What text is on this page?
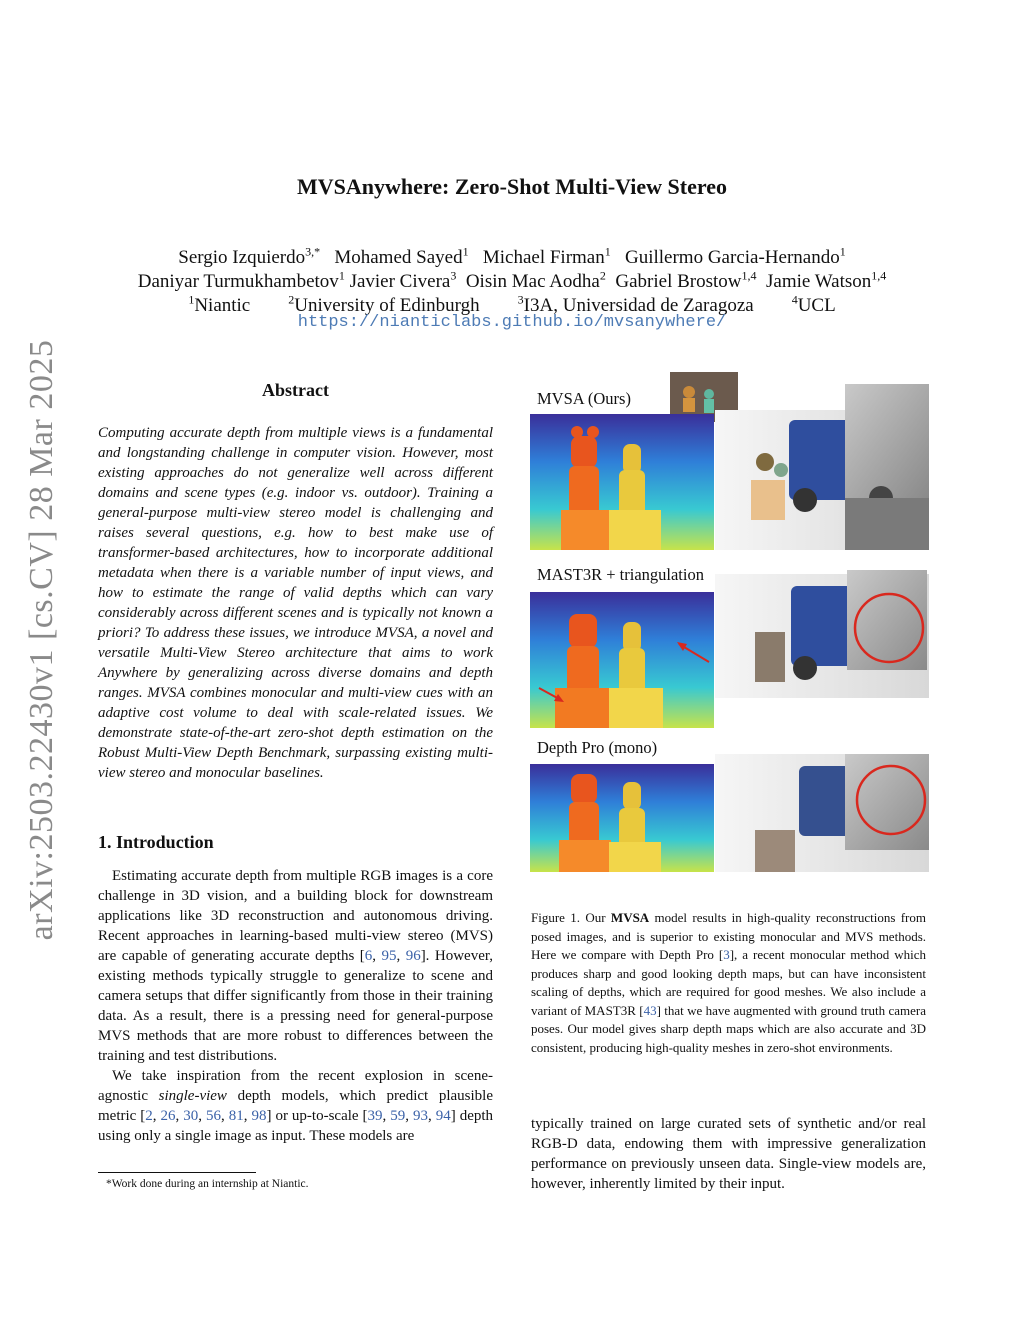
arXiv:2503.22430v1 [cs.CV] 28 Mar 2025
MVSAnywhere: Zero-Shot Multi-View Stereo
Sergio Izquierdo$^{3,*}$ Mohamed Sayed$^1$ Michael Firman$^1$ Guillermo Garcia-Hernando$^1$
Daniyar Turmukhambetov$^1$ Javier Civera$^3$ Oisin Mac Aodha$^2$ Gabriel Brostow$^{1,4}$ Jamie Watson$^{1,4}$
$^1$Niantic	$^2$University of Edinburgh	$^3$I3A, Universidad de Zaragoza	$^4$UCL
https://nianticlabs.github.io/mvsanywhere/
Abstract
Computing accurate depth from multiple views is a fundamental and longstanding challenge in computer vision. However, most existing approaches do not generalize well across different domains and scene types (e.g. indoor vs. outdoor). Training a general-purpose multi-view stereo model is challenging and raises several questions, e.g. how to best make use of transformer-based architectures, how to incorporate additional metadata when there is a variable number of input views, and how to estimate the range of valid depths which can vary considerably across different scenes and is typically not known a priori? To address these issues, we introduce MVSA, a novel and versatile Multi-View Stereo architecture that aims to work Anywhere by generalizing across diverse domains and depth ranges. MVSA combines monocular and multi-view cues with an adaptive cost volume to deal with scale-related issues. We demonstrate state-of-the-art zero-shot depth estimation on the Robust Multi-View Depth Benchmark, surpassing existing multi-view stereo and monocular baselines.
1. Introduction

Estimating accurate depth from multiple RGB images is a core challenge in 3D vision, and a building block for downstream applications like 3D reconstruction and autonomous driving. Recent approaches in learning-based multi-view stereo (MVS) are capable of generating accurate depths [6, 95, 96]. However, existing methods typically struggle to generalize to scene and camera setups that differ significantly from those in their training data. As a result, there is a pressing need for general-purpose MVS methods that are more robust to differences between the training and test distributions.

We take inspiration from the recent explosion in scene-agnostic single-view depth models, which predict plausible metric [2, 26, 30, 56, 81, 98] or up-to-scale [39, 59, 93, 94] depth using only a single image as input. These models are

*Work done during an internship at Niantic.
MVSA (Ours)
MAST3R + triangulation
Depth Pro (mono)
Figure 1. Our MVSA model results in high-quality reconstructions from posed images, and is superior to existing monocular and MVS methods. Here we compare with Depth Pro [3], a recent monocular method which produces sharp and good looking depth maps, but can have inconsistent scaling of depths, which are required for good meshes. We also include a variant of MAST3R [43] that we have augmented with ground truth camera poses. Our model gives sharp depth maps which are also accurate and 3D consistent, producing high-quality meshes in zero-shot environments.
typically trained on large curated sets of synthetic and/or real RGB-D data, endowing them with impressive generalization performance on previously unseen data. Single-view models are, however, inherently limited by their input.
